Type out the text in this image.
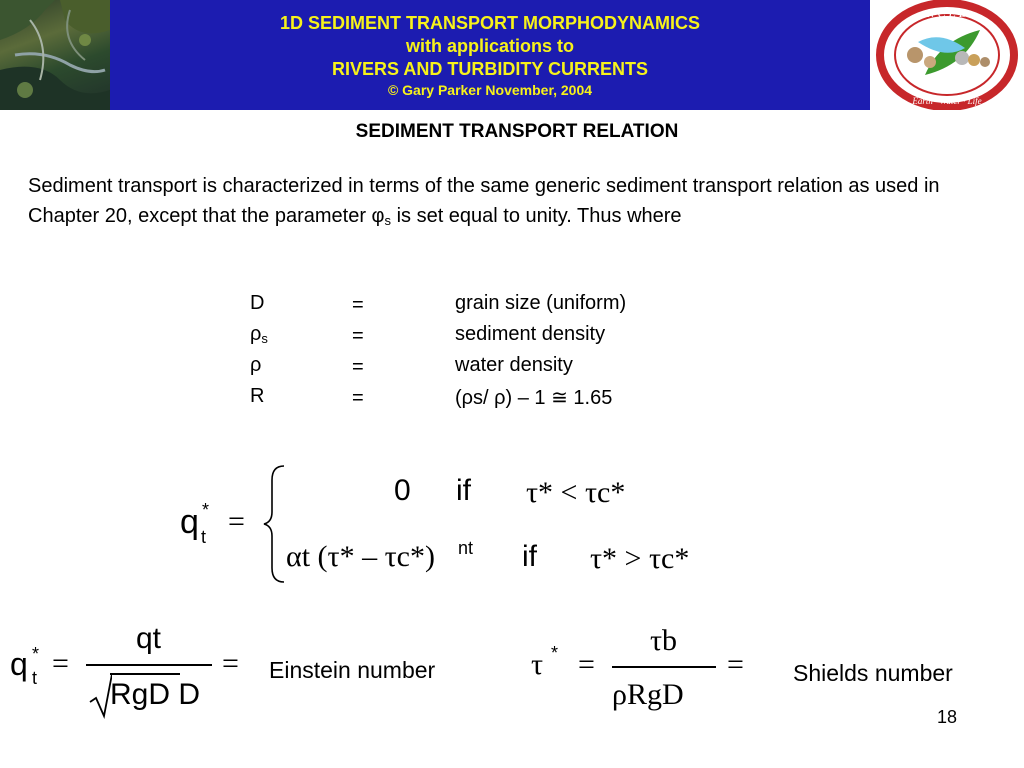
1D SEDIMENT TRANSPORT MORPHODYNAMICS
with applications to
RIVERS AND TURBIDITY CURRENTS
© Gary Parker November, 2004
N C E D
Earth · Water · Life
SEDIMENT TRANSPORT RELATION
Sediment transport is characterized in terms of the same generic sediment transport relation as used in Chapter 20, except that the parameter $\varphi_s$ is set equal to unity. Thus where
D	=	grain size (uniform)
$\rho_s$	=	sediment density
ρ	=	water density
R	=	(ρs/ ρ) – 1 ≅ 1.65
q *
t =
0 if τ* < τc*
αt (τ* – τc*) nt if τ* > τc*
q *
t =
qt
RgD D
= Einstein number	τ * =
τb
ρRgD
= Shields number
18
